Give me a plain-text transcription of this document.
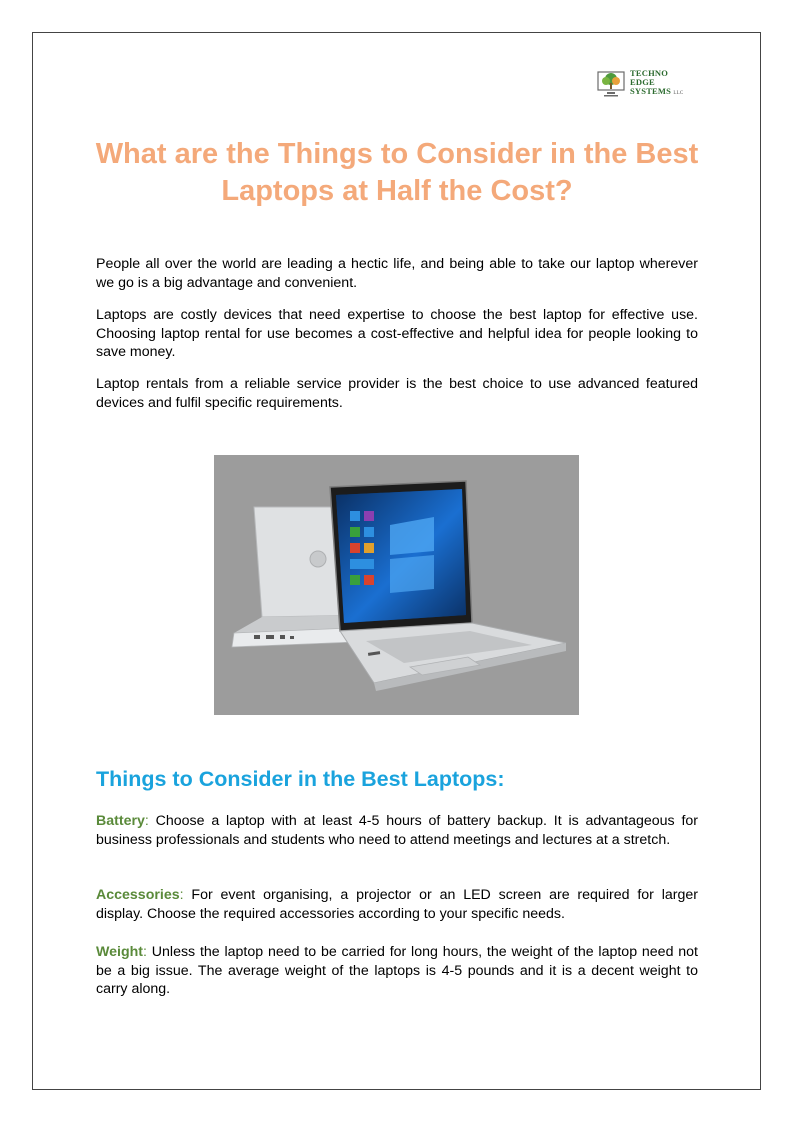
TECHNO
EDGE
SYSTEMS LLC
What are the Things to Consider in the Best Laptops at Half the Cost?

People all over the world are leading a hectic life, and being able to take our laptop wherever we go is a big advantage and convenient.

Laptops are costly devices that need expertise to choose the best laptop for effective use. Choosing laptop rental for use becomes a cost-effective and helpful idea for people looking to save money.

Laptop rentals from a reliable service provider is the best choice to use advanced featured devices and fulfil specific requirements.

Things to Consider in the Best Laptops:

Battery: Choose a laptop with at least 4-5 hours of battery backup. It is advantageous for business professionals and students who need to attend meetings and lectures at a stretch.

Accessories: For event organising, a projector or an LED screen are required for larger display. Choose the required accessories according to your specific needs.

Weight: Unless the laptop need to be carried for long hours, the weight of the laptop need not be a big issue. The average weight of the laptops is 4-5 pounds and it is a decent weight to carry along.
